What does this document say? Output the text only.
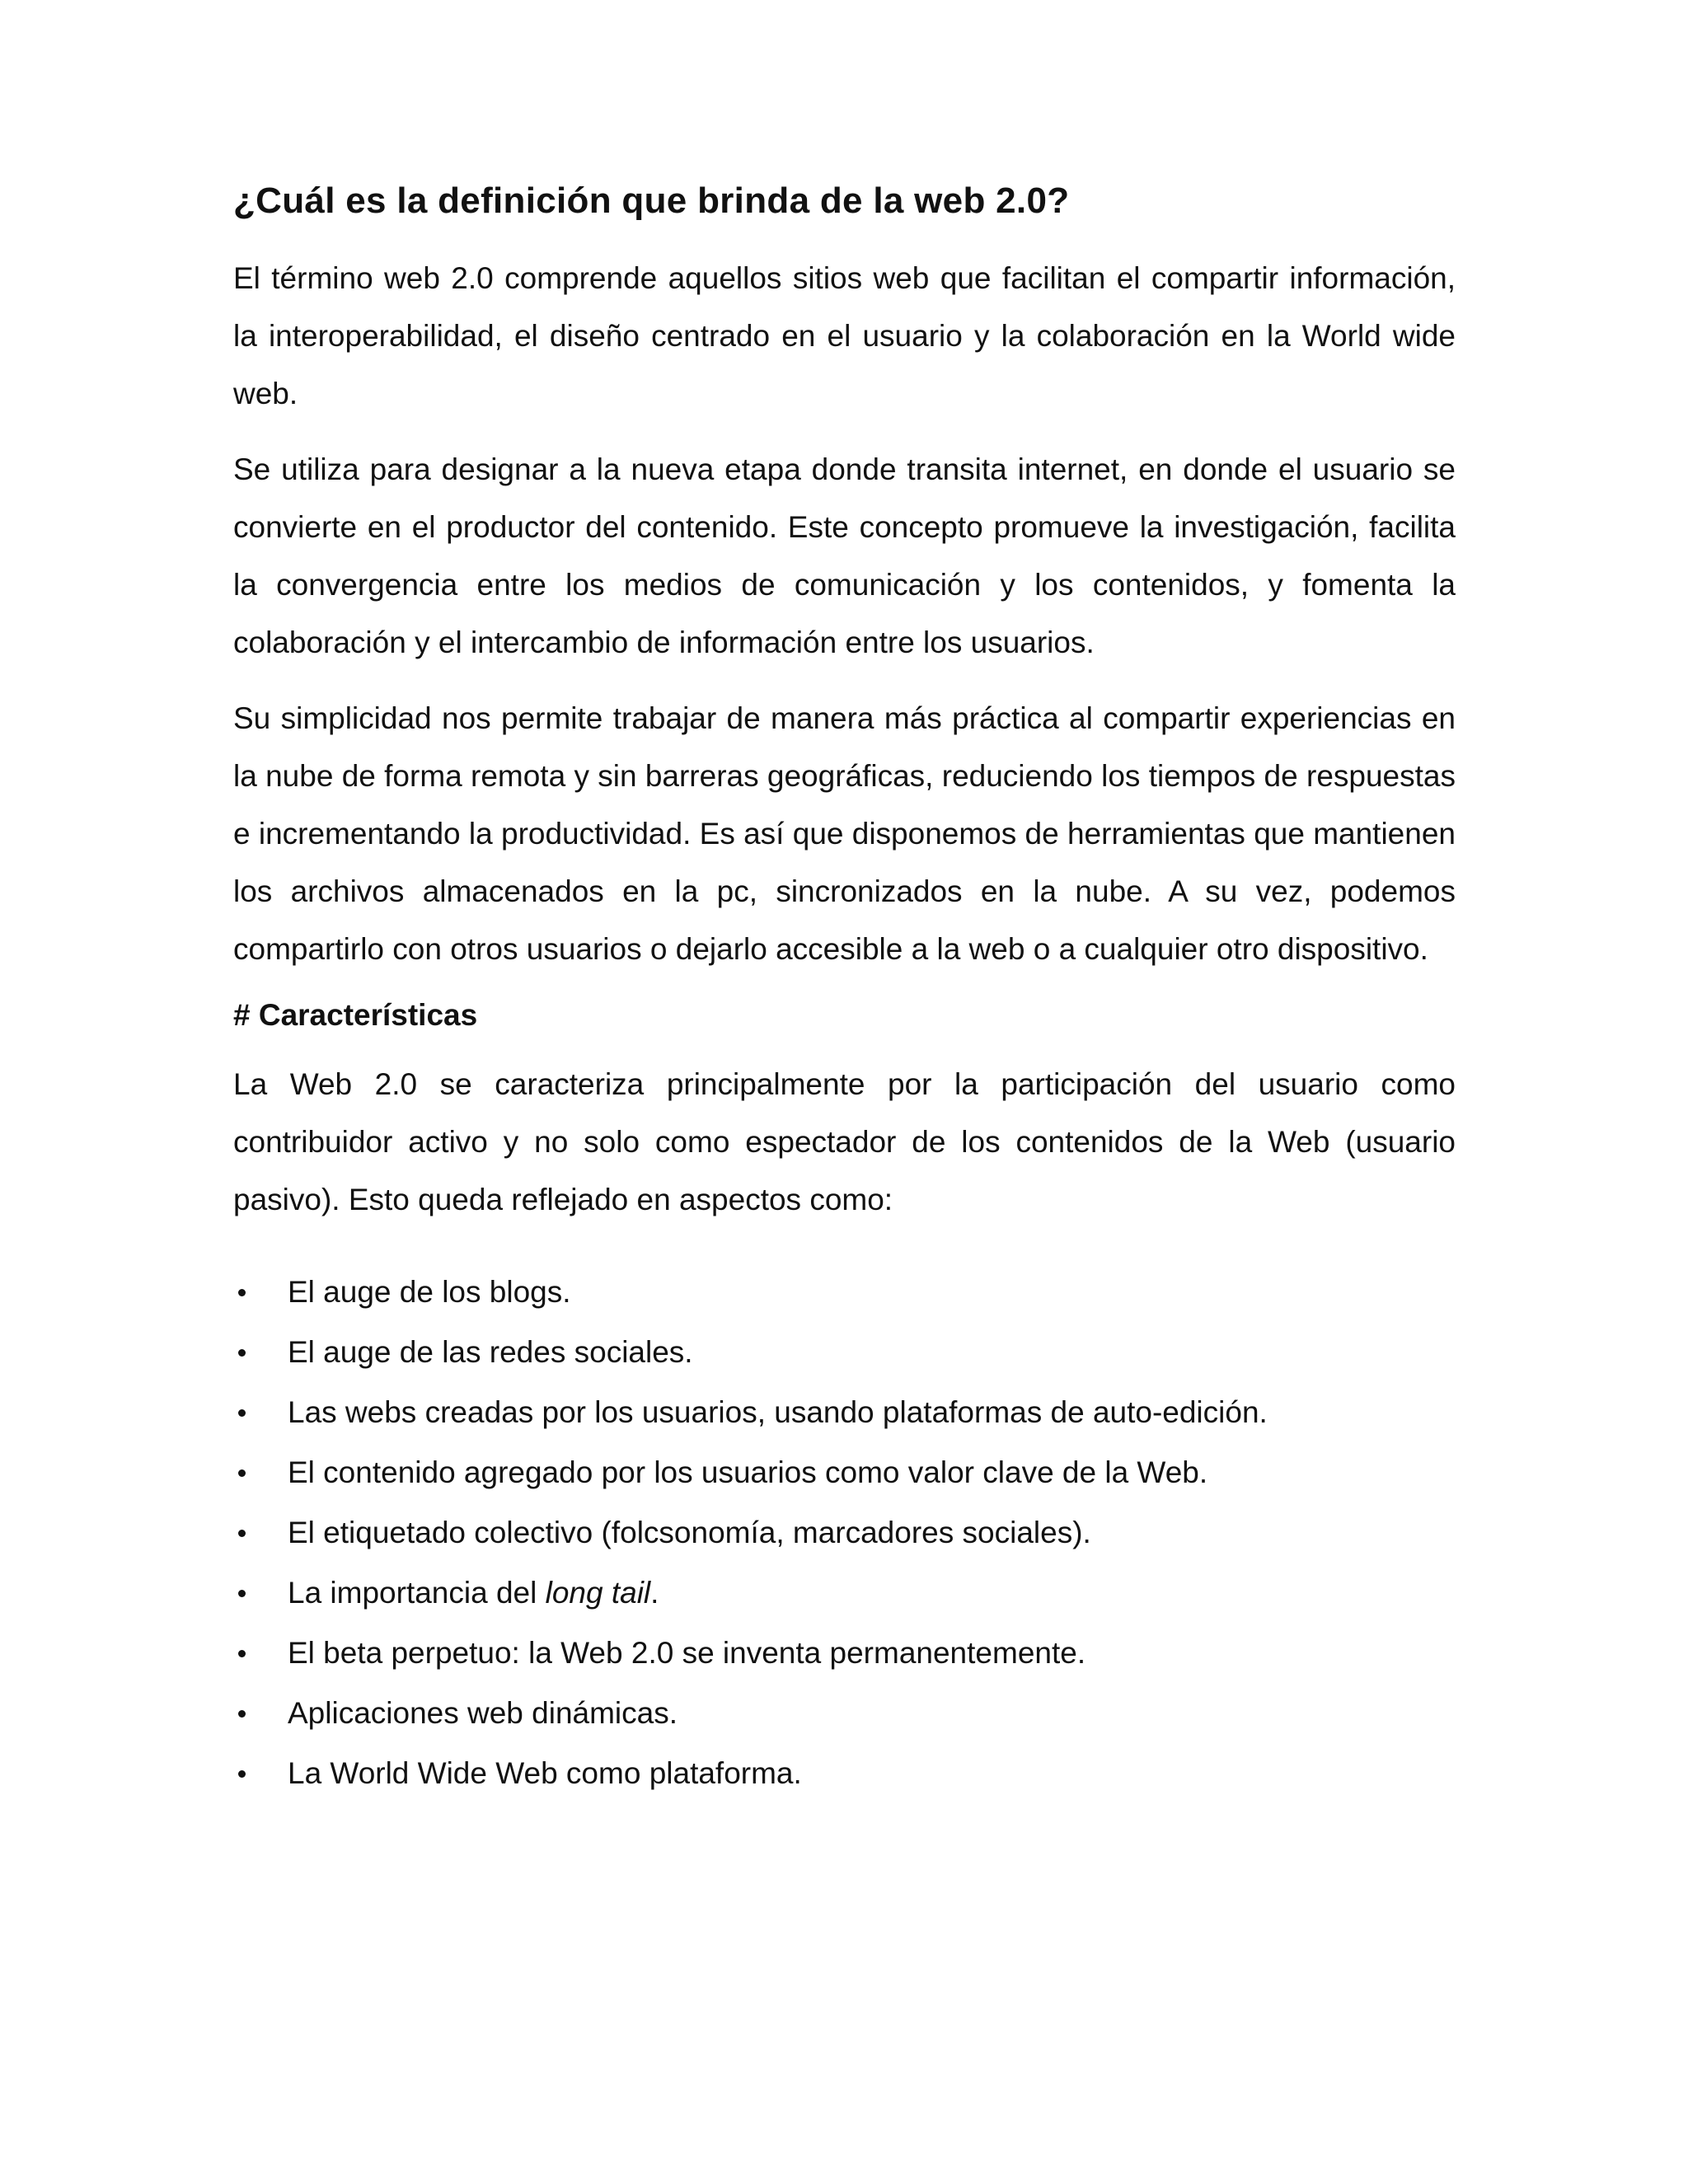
¿Cuál es la definición que brinda de la web 2.0?

El término web 2.0 comprende aquellos sitios web que facilitan el compartir información, la interoperabilidad, el diseño centrado en el usuario y la colaboración en la World wide web.

Se utiliza para designar a la nueva etapa donde transita internet, en donde el usuario se convierte en el productor del contenido. Este concepto promueve la investigación, facilita la convergencia entre los medios de comunicación y los contenidos, y fomenta la colaboración y el intercambio de información entre los usuarios.

Su simplicidad nos permite trabajar de manera más práctica al compartir experiencias en la nube de forma remota y sin barreras geográficas, reduciendo los tiempos de respuestas e incrementando la productividad. Es así que disponemos de herramientas que mantienen los archivos almacenados en la pc, sincronizados en la nube. A su vez, podemos compartirlo con otros usuarios o dejarlo accesible a la web o a cualquier otro dispositivo.

# Características

La Web 2.0 se caracteriza principalmente por la participación del usuario como contribuidor activo y no solo como espectador de los contenidos de la Web (usuario pasivo). Esto queda reflejado en aspectos como:

El auge de los blogs.
El auge de las redes sociales.
Las webs creadas por los usuarios, usando plataformas de auto-edición.
El contenido agregado por los usuarios como valor clave de la Web.
El etiquetado colectivo (folcsonomía, marcadores sociales).
La importancia del long tail.
El beta perpetuo: la Web 2.0 se inventa permanentemente.
Aplicaciones web dinámicas.
La World Wide Web como plataforma.
